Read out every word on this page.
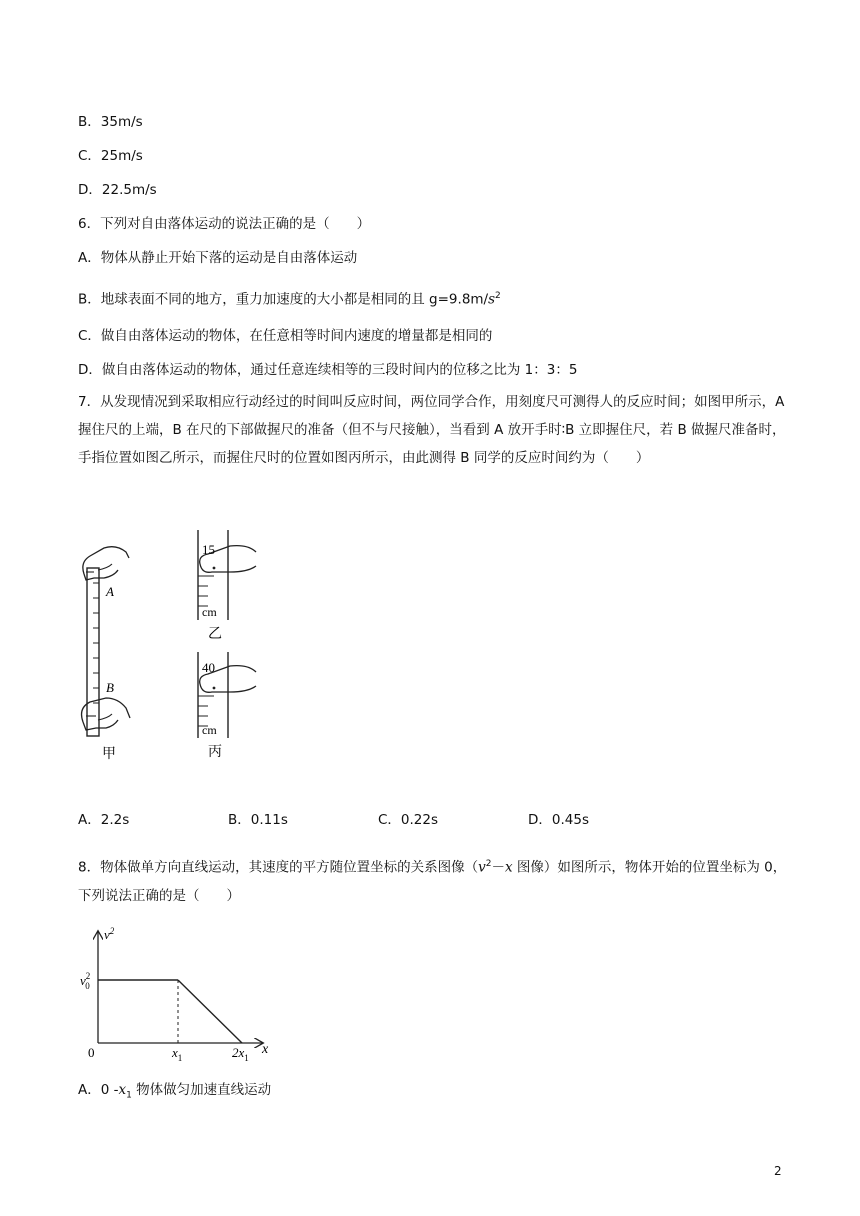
B．35m/s
C．25m/s
D．22.5m/s
6．下列对自由落体运动的说法正确的是（　　）
A．物体从静止开始下落的运动是自由落体运动
B．地球表面不同的地方，重力加速度的大小都是相同的且 $g=9.8m/s^2$
C．做自由落体运动的物体，在任意相等时间内速度的增量都是相同的
D．做自由落体运动的物体，通过任意连续相等的三段时间内的位移之比为 1：3：5
7．从发现情况到采取相应行动经过的时间叫反应时间，两位同学合作，用刻度尺可测得人的反应时间；如图甲所示，A 握住尺的上端，B 在尺的下部做握尺的准备（但不与尺接触），当看到 A 放开手时∶B 立即握住尺，若 B 做握尺准备时，手指位置如图乙所示，而握住尺时的位置如图丙所示，由此测得 B 同学的反应时间约为（　　）
A
B
甲
15
cm
乙
40
cm
丙
A．2.2s	B．0.11s	C．0.22s	D．0.45s
8．物体做单方向直线运动，其速度的平方随位置坐标的关系图像（$v^2-x$ 图像）如图所示，物体开始的位置坐标为 0，下列说法正确的是（　　）
$v^2$
$v^2$ 0
0	$x_1$	$2x_1$
x
A．0 $-x_1$ 物体做匀加速直线运动
2
